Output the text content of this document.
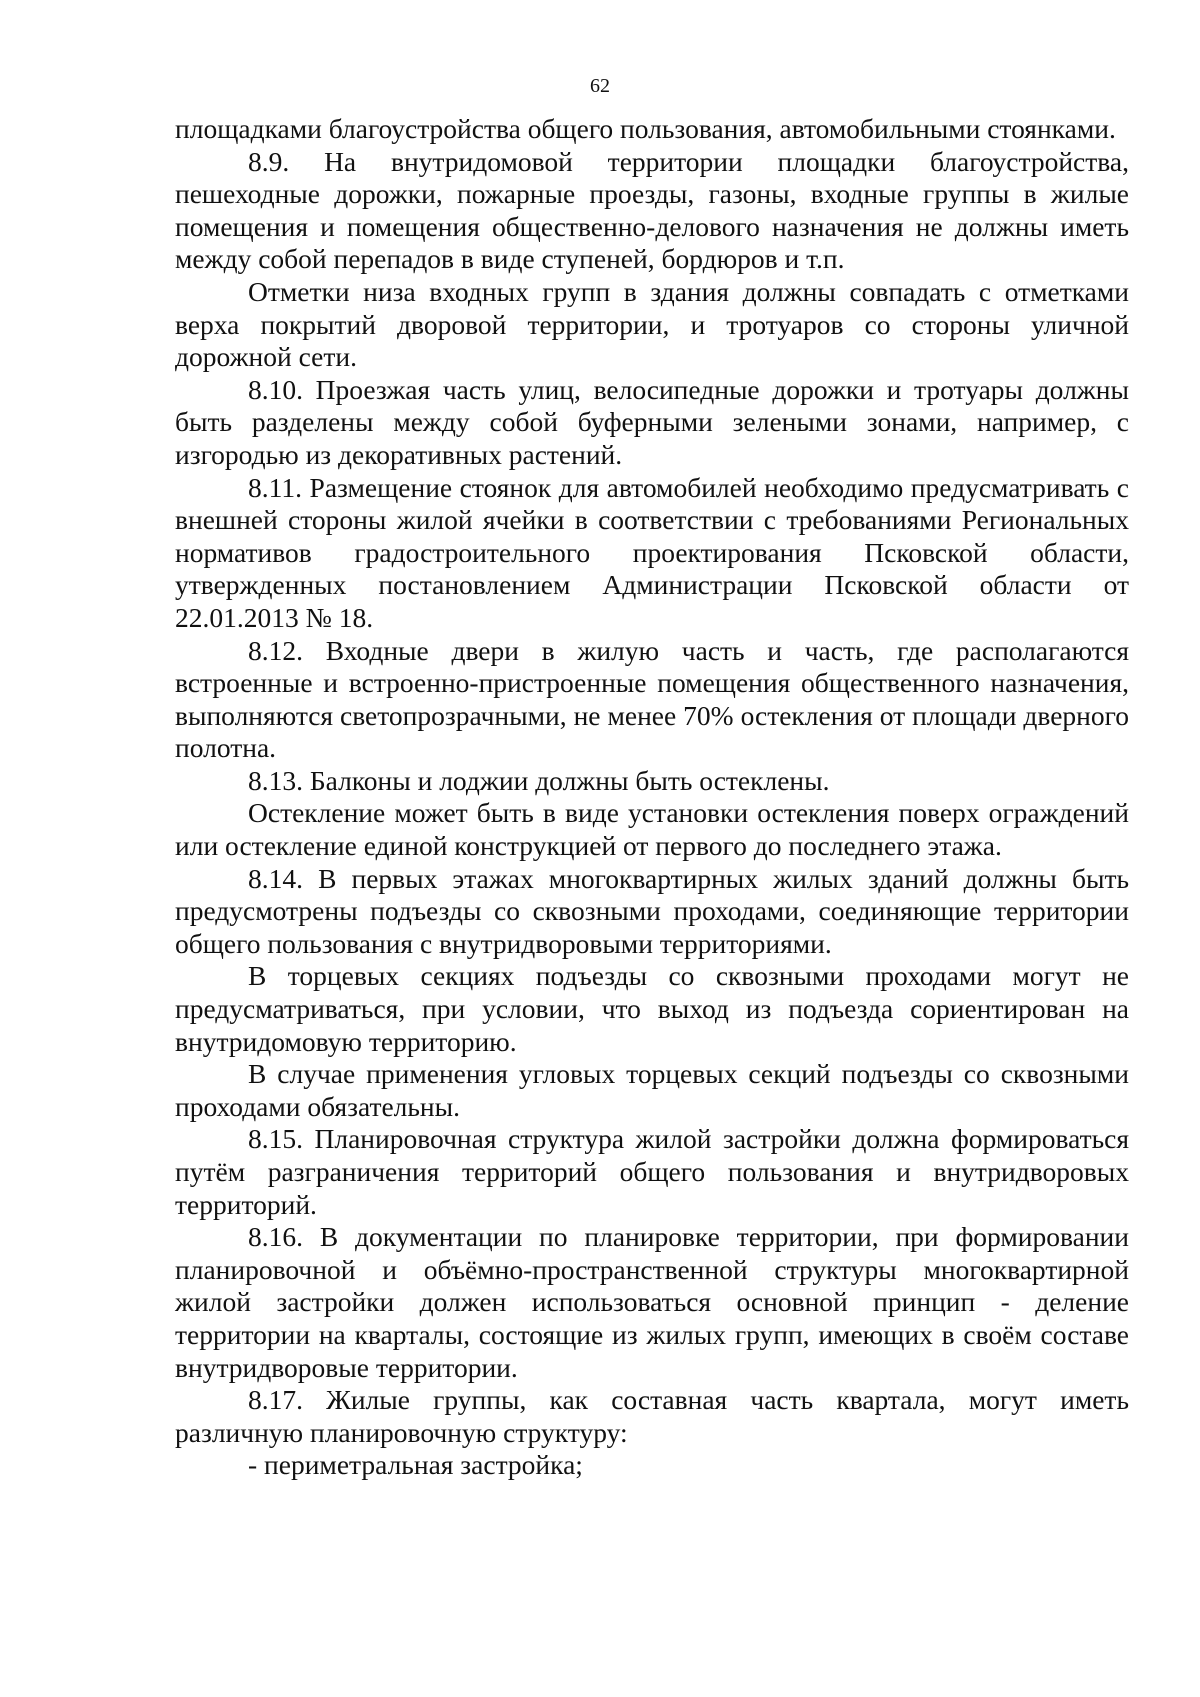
62

площадками благоустройства общего пользования, автомобильными стоянками.

8.9. На внутридомовой территории площадки благоустройства, пешеходные дорожки, пожарные проезды, газоны, входные группы в жилые помещения и помещения общественно-делового назначения не должны иметь между собой перепадов в виде ступеней, бордюров и т.п.

Отметки низа входных групп в здания должны совпадать с отметками верха покрытий дворовой территории, и тротуаров со стороны уличной дорожной сети.

8.10. Проезжая часть улиц, велосипедные дорожки и тротуары должны быть разделены между собой буферными зелеными зонами, например, с изгородью из декоративных растений.

8.11. Размещение стоянок для автомобилей необходимо предусматривать с внешней стороны жилой ячейки в соответствии с требованиями Региональных нормативов градостроительного проектирования Псковской области, утвержденных постановлением Администрации Псковской области от 22.01.2013 № 18.

8.12. Входные двери в жилую часть и часть, где располагаются встроенные и встроенно-пристроенные помещения общественного назначения, выполняются светопрозрачными, не менее 70% остекления от площади дверного полотна.

8.13. Балконы и лоджии должны быть остеклены.

Остекление может быть в виде установки остекления поверх ограждений или остекление единой конструкцией от первого до последнего этажа.

8.14. В первых этажах многоквартирных жилых зданий должны быть предусмотрены подъезды со сквозными проходами, соединяющие территории общего пользования с внутридворовыми территориями.

В торцевых секциях подъезды со сквозными проходами могут не предусматриваться, при условии, что выход из подъезда сориентирован на внутридомовую территорию.

В случае применения угловых торцевых секций подъезды со сквозными проходами обязательны.

8.15. Планировочная структура жилой застройки должна формироваться путём разграничения территорий общего пользования и внутридворовых территорий.

8.16. В документации по планировке территории, при формировании планировочной и объёмно-пространственной структуры многоквартирной жилой застройки должен использоваться основной принцип - деление территории на кварталы, состоящие из жилых групп, имеющих в своём составе внутридворовые территории.

8.17. Жилые группы, как составная часть квартала, могут иметь различную планировочную структуру:

- периметральная застройка;
